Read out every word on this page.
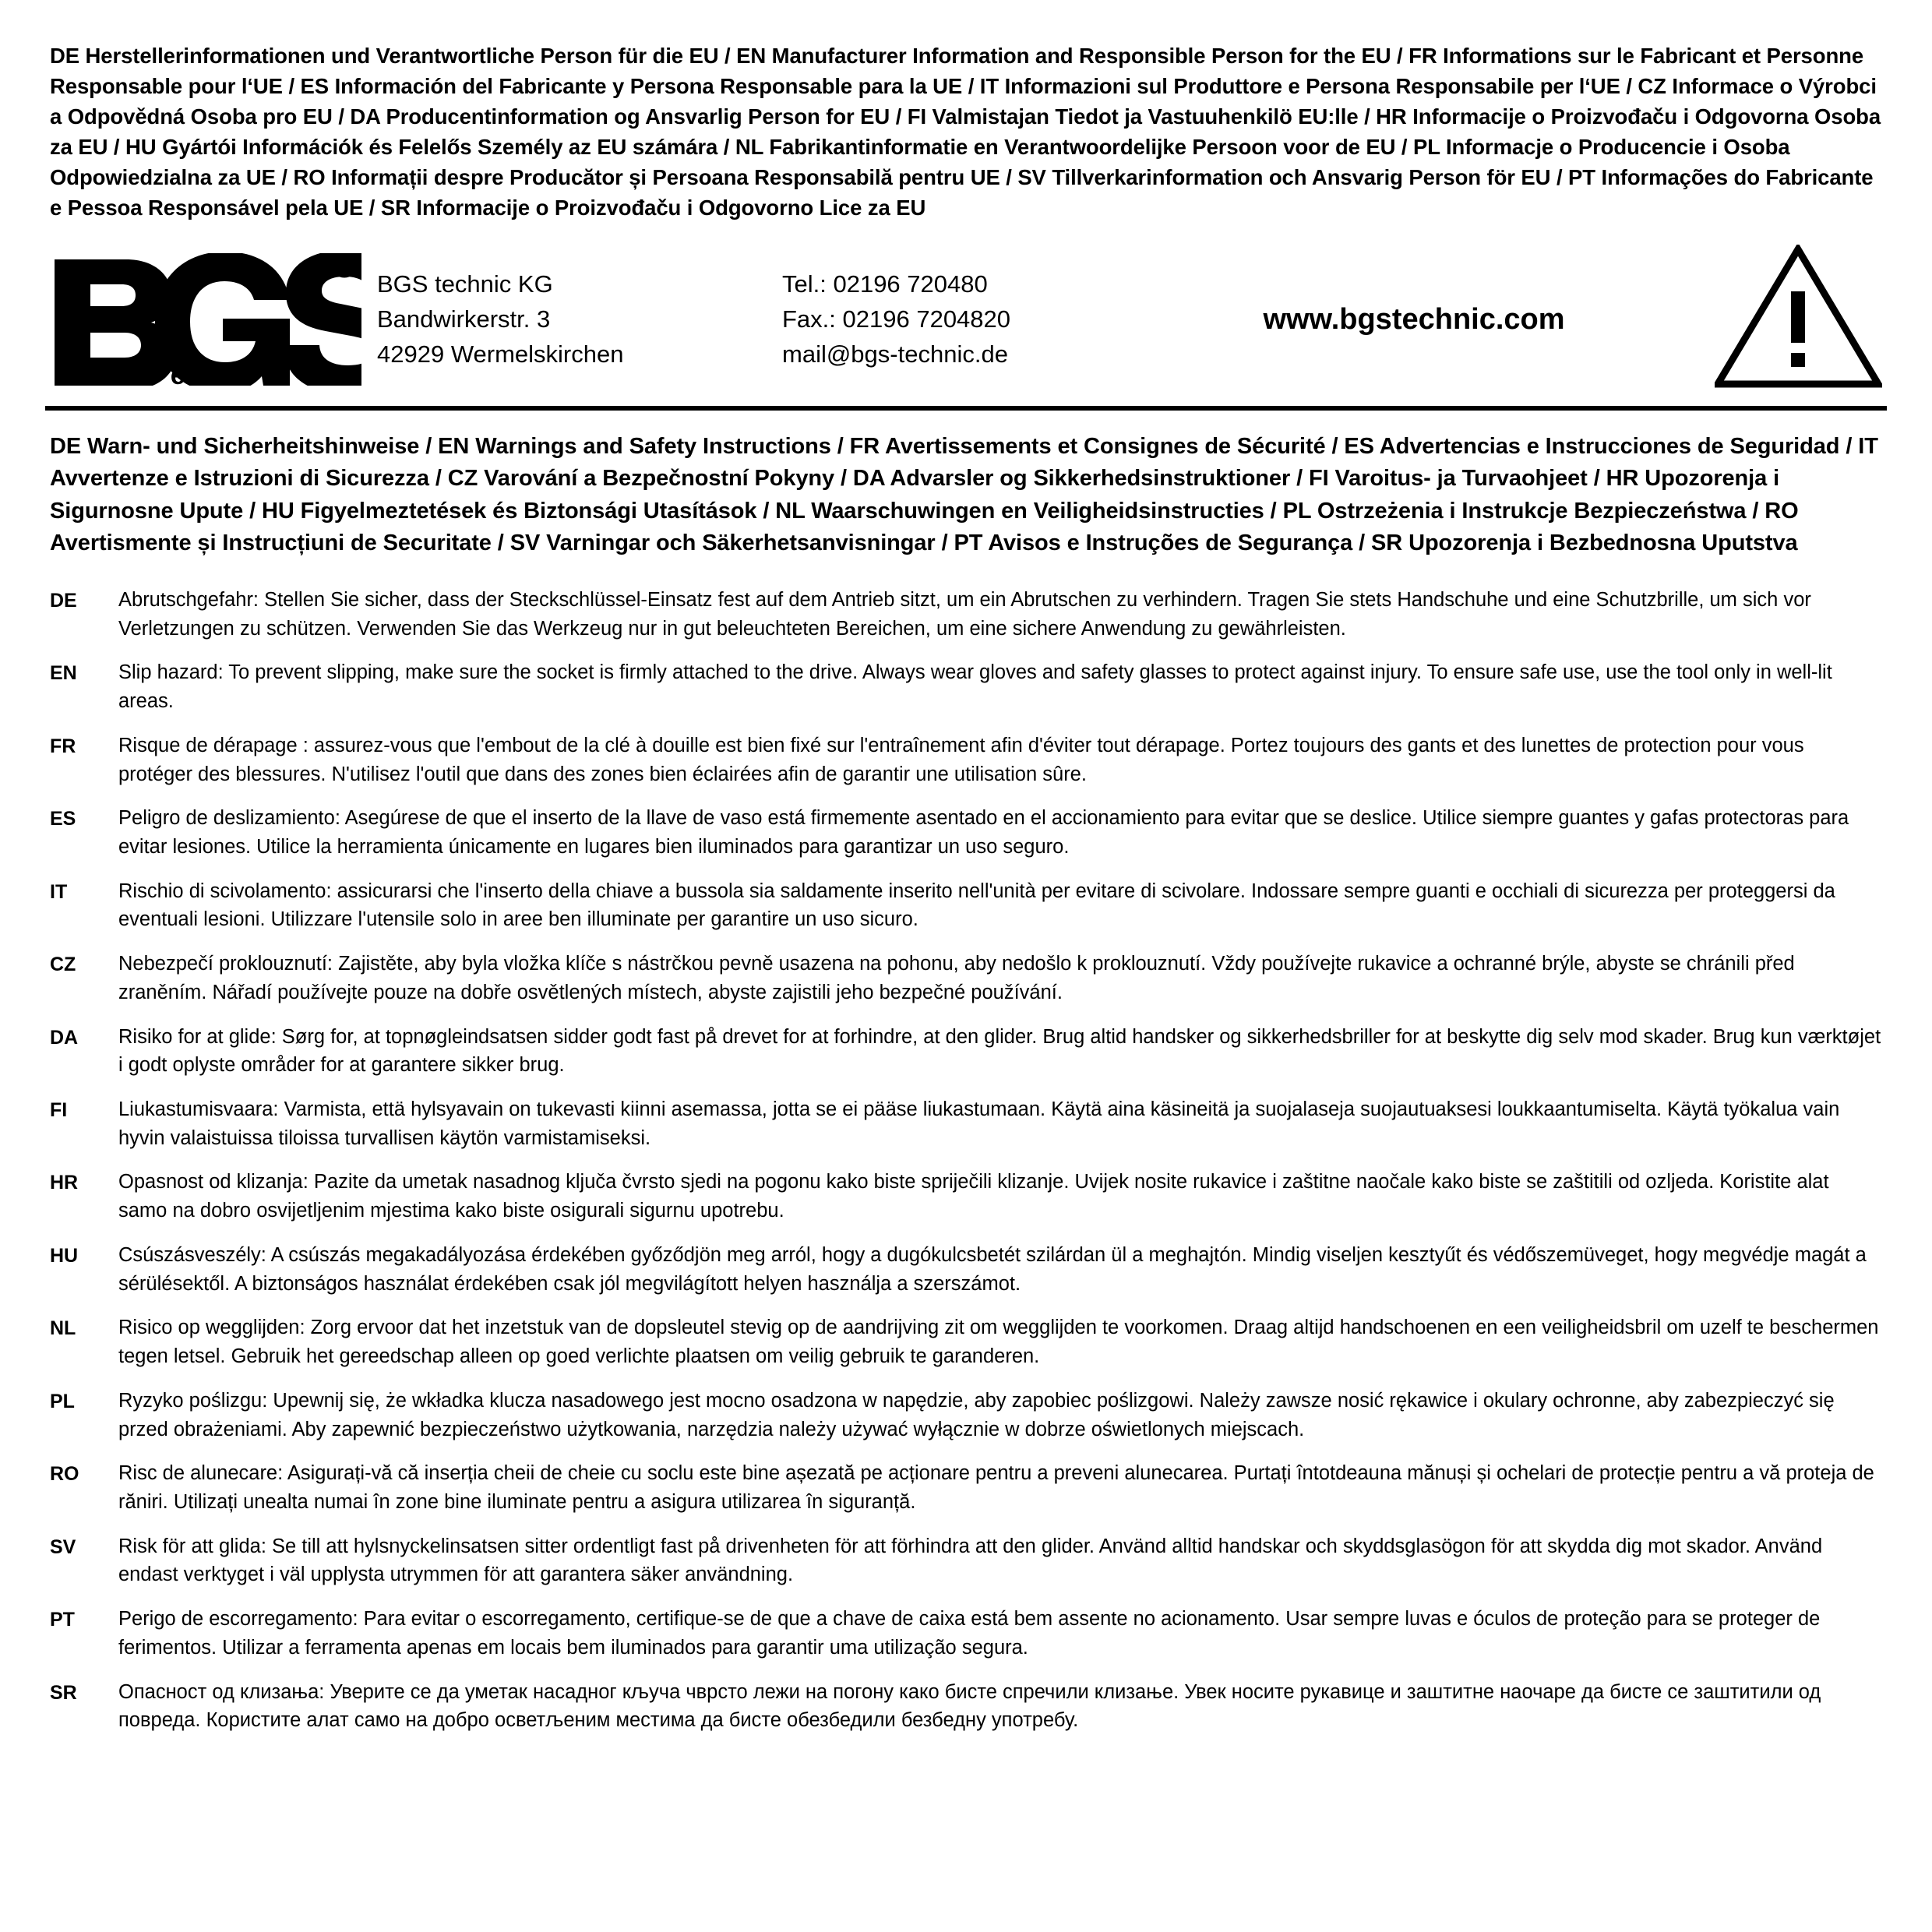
DE Herstellerinformationen und Verantwortliche Person für die EU / EN Manufacturer Information and Responsible Person for the EU / FR Informations sur le Fabricant et Personne Responsable pour l‘UE / ES Información del Fabricante y Persona Responsable para la UE / IT Informazioni sul Produttore e Persona Responsabile per l‘UE / CZ Informace o Výrobci a Odpovědná Osoba pro EU / DA Producentinformation og Ansvarlig Person for EU / FI Valmistajan Tiedot ja Vastuuhenkilö EU:lle / HR Informacije o Proizvođaču i Odgovorna Osoba za EU / HU Gyártói Információk és Felelős Személy az EU számára / NL Fabrikantinformatie en Verantwoordelijke Persoon voor de EU / PL Informacje o Producencie i Osoba Odpowiedzialna za UE / RO Informații despre Producător și Persoana Responsabilă pentru UE / SV Tillverkarinformation och Ansvarig Person för EU / PT Informações do Fabricante e Pessoa Responsável pela UE / SR Informacije o Proizvođaču i Odgovorno Lice za EU
R
t e c h n i c
BGS technic KG
Bandwirkerstr. 3
42929 Wermelskirchen
Tel.: 02196 720480
Fax.: 02196 7204820
mail@bgs-technic.de
www.bgstechnic.com
DE Warn- und Sicherheitshinweise / EN Warnings and Safety Instructions / FR Avertissements et Consignes de Sécurité / ES Advertencias e Instrucciones de Seguridad / IT Avvertenze e Istruzioni di Sicurezza / CZ Varování a Bezpečnostní Pokyny / DA Advarsler og Sikkerhedsinstruktioner / FI Varoitus- ja Turvaohjeet / HR Upozorenja i Sigurnosne Upute / HU Figyelmeztetések és Biztonsági Utasítások / NL Waarschuwingen en Veiligheidsinstructies / PL Ostrzeżenia i Instrukcje Bezpieczeństwa / RO Avertismente și Instrucțiuni de Securitate / SV Varningar och Säkerhetsanvisningar / PT Avisos e Instruções de Segurança / SR Upozorenja i Bezbednosna Uputstva
DE	Abrutschgefahr: Stellen Sie sicher, dass der Steckschlüssel-Einsatz fest auf dem Antrieb sitzt, um ein Abrutschen zu verhindern. Tragen Sie stets Handschuhe und eine Schutzbrille, um sich vor Verletzungen zu schützen. Verwenden Sie das Werkzeug nur in gut beleuchteten Bereichen, um eine sichere Anwendung zu gewährleisten.
EN	Slip hazard: To prevent slipping, make sure the socket is firmly attached to the drive. Always wear gloves and safety glasses to protect against injury. To ensure safe use, use the tool only in well-lit areas.
FR	Risque de dérapage : assurez-vous que l'embout de la clé à douille est bien fixé sur l'entraînement afin d'éviter tout dérapage. Portez toujours des gants et des lunettes de protection pour vous protéger des blessures. N'utilisez l'outil que dans des zones bien éclairées afin de garantir une utilisation sûre.
ES	Peligro de deslizamiento: Asegúrese de que el inserto de la llave de vaso está firmemente asentado en el accionamiento para evitar que se deslice. Utilice siempre guantes y gafas protectoras para evitar lesiones. Utilice la herramienta únicamente en lugares bien iluminados para garantizar un uso seguro.
IT	Rischio di scivolamento: assicurarsi che l'inserto della chiave a bussola sia saldamente inserito nell'unità per evitare di scivolare. Indossare sempre guanti e occhiali di sicurezza per proteggersi da eventuali lesioni. Utilizzare l'utensile solo in aree ben illuminate per garantire un uso sicuro.
CZ	Nebezpečí proklouznutí: Zajistěte, aby byla vložka klíče s nástrčkou pevně usazena na pohonu, aby nedošlo k proklouznutí. Vždy používejte rukavice a ochranné brýle, abyste se chránili před zraněním. Nářadí používejte pouze na dobře osvětlených místech, abyste zajistili jeho bezpečné používání.
DA	Risiko for at glide: Sørg for, at topnøgleindsatsen sidder godt fast på drevet for at forhindre, at den glider. Brug altid handsker og sikkerhedsbriller for at beskytte dig selv mod skader. Brug kun værktøjet i godt oplyste områder for at garantere sikker brug.
FI	Liukastumisvaara: Varmista, että hylsyavain on tukevasti kiinni asemassa, jotta se ei pääse liukastumaan. Käytä aina käsineitä ja suojalaseja suojautuaksesi loukkaantumiselta. Käytä työkalua vain hyvin valaistuissa tiloissa turvallisen käytön varmistamiseksi.
HR	Opasnost od klizanja: Pazite da umetak nasadnog ključa čvrsto sjedi na pogonu kako biste spriječili klizanje. Uvijek nosite rukavice i zaštitne naočale kako biste se zaštitili od ozljeda. Koristite alat samo na dobro osvijetljenim mjestima kako biste osigurali sigurnu upotrebu.
HU	Csúszásveszély: A csúszás megakadályozása érdekében győződjön meg arról, hogy a dugókulcsbetét szilárdan ül a meghajtón. Mindig viseljen kesztyűt és védőszemüveget, hogy megvédje magát a sérülésektől. A biztonságos használat érdekében csak jól megvilágított helyen használja a szerszámot.
NL	Risico op wegglijden: Zorg ervoor dat het inzetstuk van de dopsleutel stevig op de aandrijving zit om wegglijden te voorkomen. Draag altijd handschoenen en een veiligheidsbril om uzelf te beschermen tegen letsel. Gebruik het gereedschap alleen op goed verlichte plaatsen om veilig gebruik te garanderen.
PL	Ryzyko poślizgu: Upewnij się, że wkładka klucza nasadowego jest mocno osadzona w napędzie, aby zapobiec poślizgowi. Należy zawsze nosić rękawice i okulary ochronne, aby zabezpieczyć się przed obrażeniami. Aby zapewnić bezpieczeństwo użytkowania, narzędzia należy używać wyłącznie w dobrze oświetlonych miejscach.
RO	Risc de alunecare: Asigurați-vă că inserția cheii de cheie cu soclu este bine așezată pe acționare pentru a preveni alunecarea. Purtați întotdeauna mănuși și ochelari de protecție pentru a vă proteja de răniri. Utilizați unealta numai în zone bine iluminate pentru a asigura utilizarea în siguranță.
SV	Risk för att glida: Se till att hylsnyckelinsatsen sitter ordentligt fast på drivenheten för att förhindra att den glider. Använd alltid handskar och skyddsglasögon för att skydda dig mot skador. Använd endast verktyget i väl upplysta utrymmen för att garantera säker användning.
PT	Perigo de escorregamento: Para evitar o escorregamento, certifique-se de que a chave de caixa está bem assente no acionamento. Usar sempre luvas e óculos de proteção para se proteger de ferimentos. Utilizar a ferramenta apenas em locais bem iluminados para garantir uma utilização segura.
SR	Опасност од клизања: Уверите се да уметак насадног кључа чврсто лежи на погону како бисте спречили клизање. Увек носите рукавице и заштитне наочаре да бисте се заштитили од повреда. Користите алат само на добро осветљеним местима да бисте обезбедили безбедну употребу.
